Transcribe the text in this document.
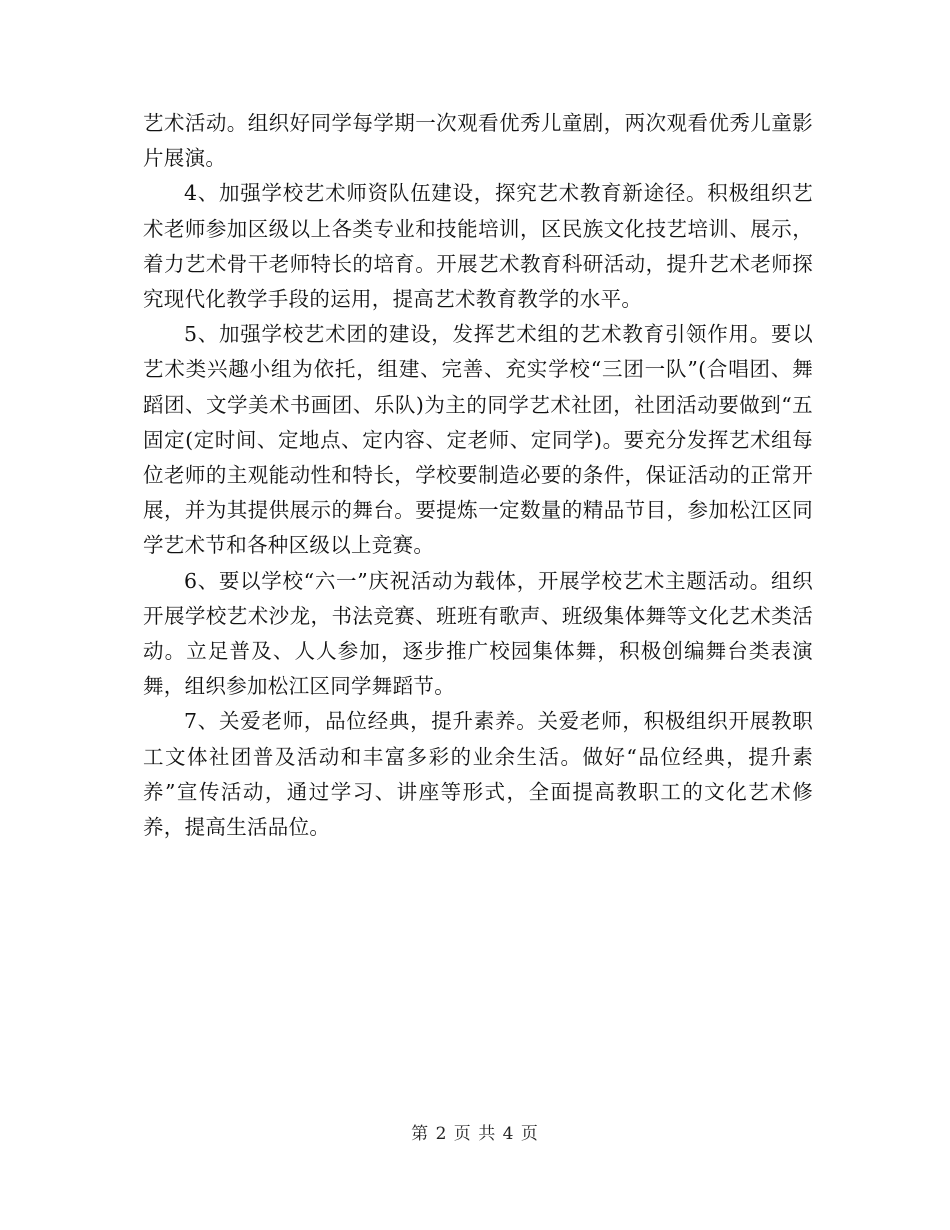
艺术活动。组织好同学每学期一次观看优秀儿童剧，两次观看优秀儿童影片展演。

4、加强学校艺术师资队伍建设，探究艺术教育新途径。积极组织艺术老师参加区级以上各类专业和技能培训，区民族文化技艺培训、展示，着力艺术骨干老师特长的培育。开展艺术教育科研活动，提升艺术老师探究现代化教学手段的运用，提高艺术教育教学的水平。

5、加强学校艺术团的建设，发挥艺术组的艺术教育引领作用。要以艺术类兴趣小组为依托，组建、完善、充实学校“三团一队”(合唱团、舞蹈团、文学美术书画团、乐队)为主的同学艺术社团，社团活动要做到“五固定(定时间、定地点、定内容、定老师、定同学)。要充分发挥艺术组每位老师的主观能动性和特长，学校要制造必要的条件，保证活动的正常开展，并为其提供展示的舞台。要提炼一定数量的精品节目，参加松江区同学艺术节和各种区级以上竞赛。

6、要以学校“六一”庆祝活动为载体，开展学校艺术主题活动。组织开展学校艺术沙龙，书法竞赛、班班有歌声、班级集体舞等文化艺术类活动。立足普及、人人参加，逐步推广校园集体舞，积极创编舞台类表演舞，组织参加松江区同学舞蹈节。

7、关爱老师，品位经典，提升素养。关爱老师，积极组织开展教职工文体社团普及活动和丰富多彩的业余生活。做好“品位经典，提升素养”宣传活动，通过学习、讲座等形式，全面提高教职工的文化艺术修养，提高生活品位。

第 2 页 共 4 页
